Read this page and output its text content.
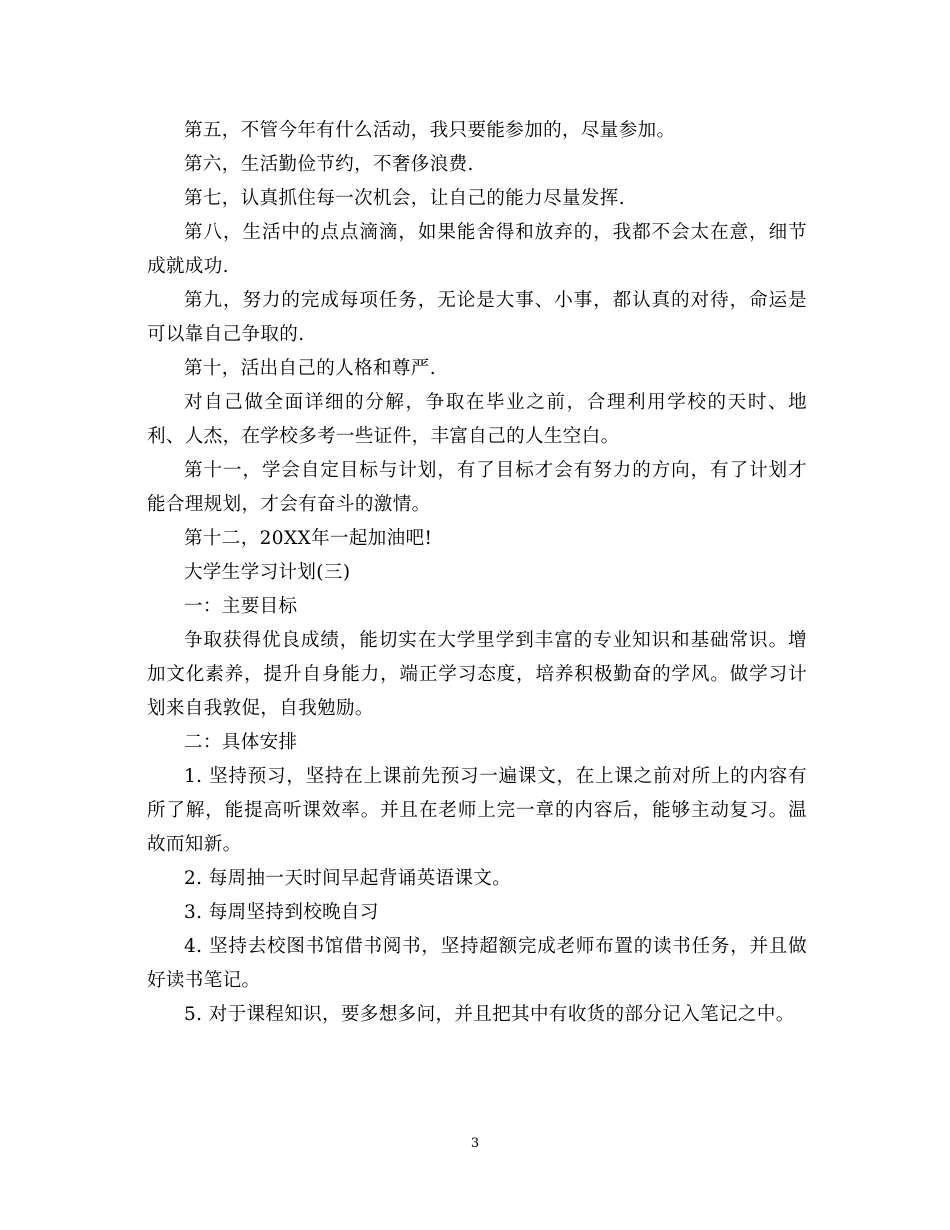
第五，不管今年有什么活动，我只要能参加的，尽量参加。

第六，生活勤俭节约，不奢侈浪费.

第七，认真抓住每一次机会，让自己的能力尽量发挥.

第八，生活中的点点滴滴，如果能舍得和放弃的，我都不会太在意，细节成就成功.

第九，努力的完成每项任务，无论是大事、小事，都认真的对待，命运是可以靠自己争取的.

第十，活出自己的人格和尊严.

对自己做全面详细的分解，争取在毕业之前，合理利用学校的天时、地利、人杰，在学校多考一些证件，丰富自己的人生空白。

第十一，学会自定目标与计划，有了目标才会有努力的方向，有了计划才能合理规划，才会有奋斗的激情。

第十二，20XX年一起加油吧!

大学生学习计划(三)

一：主要目标

争取获得优良成绩，能切实在大学里学到丰富的专业知识和基础常识。增加文化素养，提升自身能力，端正学习态度，培养积极勤奋的学风。做学习计划来自我敦促，自我勉励。

二：具体安排

1. 坚持预习，坚持在上课前先预习一遍课文，在上课之前对所上的内容有所了解，能提高听课效率。并且在老师上完一章的内容后，能够主动复习。温故而知新。

2. 每周抽一天时间早起背诵英语课文。

3. 每周坚持到校晚自习

4. 坚持去校图书馆借书阅书，坚持超额完成老师布置的读书任务，并且做好读书笔记。

5. 对于课程知识，要多想多问，并且把其中有收货的部分记入笔记之中。

3
